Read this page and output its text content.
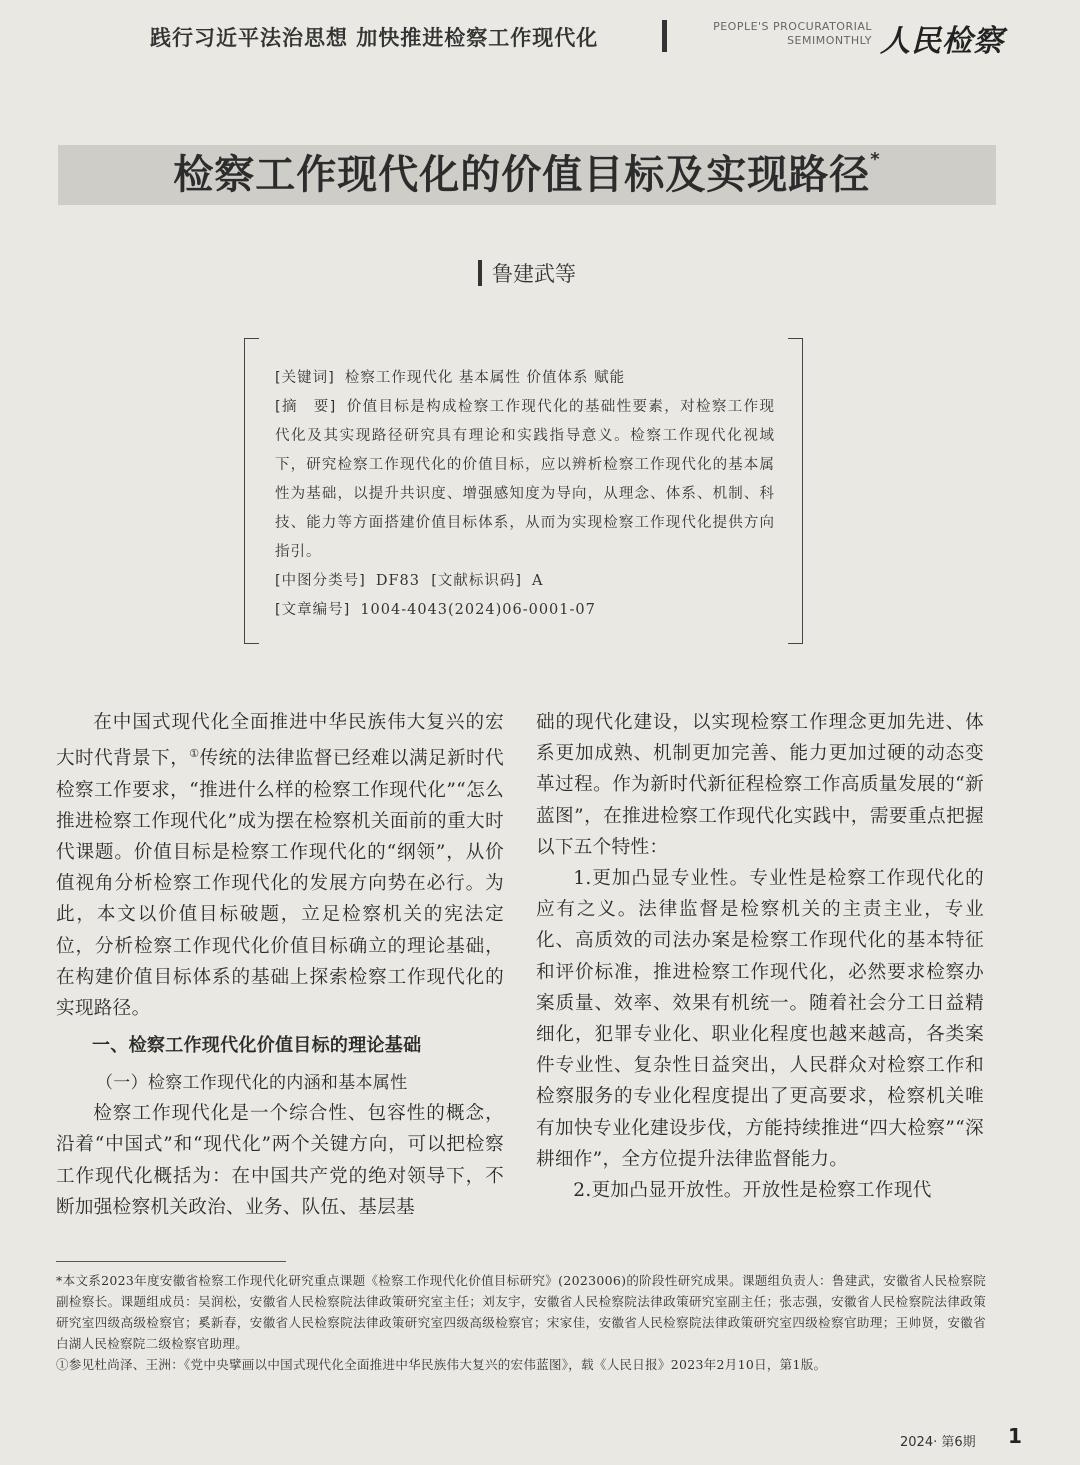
践行习近平法治思想 加快推进检察工作现代化	PEOPLE'S PROCURATORIAL
SEMIMONTHLY 人民检察
检察工作现代化的价值目标及实现路径*
鲁建武等

[关键词] 检察工作现代化 基本属性 价值体系 赋能

[摘　要] 价值目标是构成检察工作现代化的基础性要素，对检察工作现代化及其实现路径研究具有理论和实践指导意义。检察工作现代化视域下，研究检察工作现代化的价值目标，应以辨析检察工作现代化的基本属性为基础，以提升共识度、增强感知度为导向，从理念、体系、机制、科技、能力等方面搭建价值目标体系，从而为实现检察工作现代化提供方向指引。

[中图分类号] DF83 [文献标识码] A

[文章编号] 1004-4043(2024)06-0001-07

在中国式现代化全面推进中华民族伟大复兴的宏大时代背景下，①传统的法律监督已经难以满足新时代检察工作要求，“推进什么样的检察工作现代化”“怎么推进检察工作现代化”成为摆在检察机关面前的重大时代课题。价值目标是检察工作现代化的“纲领”，从价值视角分析检察工作现代化的发展方向势在必行。为此，本文以价值目标破题，立足检察机关的宪法定位，分析检察工作现代化价值目标确立的理论基础，在构建价值目标体系的基础上探索检察工作现代化的实现路径。

一、检察工作现代化价值目标的理论基础
（一）检察工作现代化的内涵和基本属性

检察工作现代化是一个综合性、包容性的概念，沿着“中国式”和“现代化”两个关键方向，可以把检察工作现代化概括为：在中国共产党的绝对领导下，不断加强检察机关政治、业务、队伍、基层基

础的现代化建设，以实现检察工作理念更加先进、体系更加成熟、机制更加完善、能力更加过硬的动态变革过程。作为新时代新征程检察工作高质量发展的“新蓝图”，在推进检察工作现代化实践中，需要重点把握以下五个特性：

1.更加凸显专业性。专业性是检察工作现代化的应有之义。法律监督是检察机关的主责主业，专业化、高质效的司法办案是检察工作现代化的基本特征和评价标准，推进检察工作现代化，必然要求检察办案质量、效率、效果有机统一。随着社会分工日益精细化，犯罪专业化、职业化程度也越来越高，各类案件专业性、复杂性日益突出，人民群众对检察工作和检察服务的专业化程度提出了更高要求，检察机关唯有加快专业化建设步伐，方能持续推进“四大检察”“深耕细作”，全方位提升法律监督能力。

2.更加凸显开放性。开放性是检察工作现代

*本文系2023年度安徽省检察工作现代化研究重点课题《检察工作现代化价值目标研究》(2023006)的阶段性研究成果。课题组负责人：鲁建武，安徽省人民检察院副检察长。课题组成员：吴润松，安徽省人民检察院法律政策研究室主任；刘友宇，安徽省人民检察院法律政策研究室副主任；张志强，安徽省人民检察院法律政策研究室四级高级检察官；奚新春，安徽省人民检察院法律政策研究室四级高级检察官；宋家佳，安徽省人民检察院法律政策研究室四级检察官助理；王帅贤，安徽省白湖人民检察院二级检察官助理。

①参见杜尚泽、王洲：《党中央擘画以中国式现代化全面推进中华民族伟大复兴的宏伟蓝图》，载《人民日报》2023年2月10日，第1版。

2024· 第6期 1
